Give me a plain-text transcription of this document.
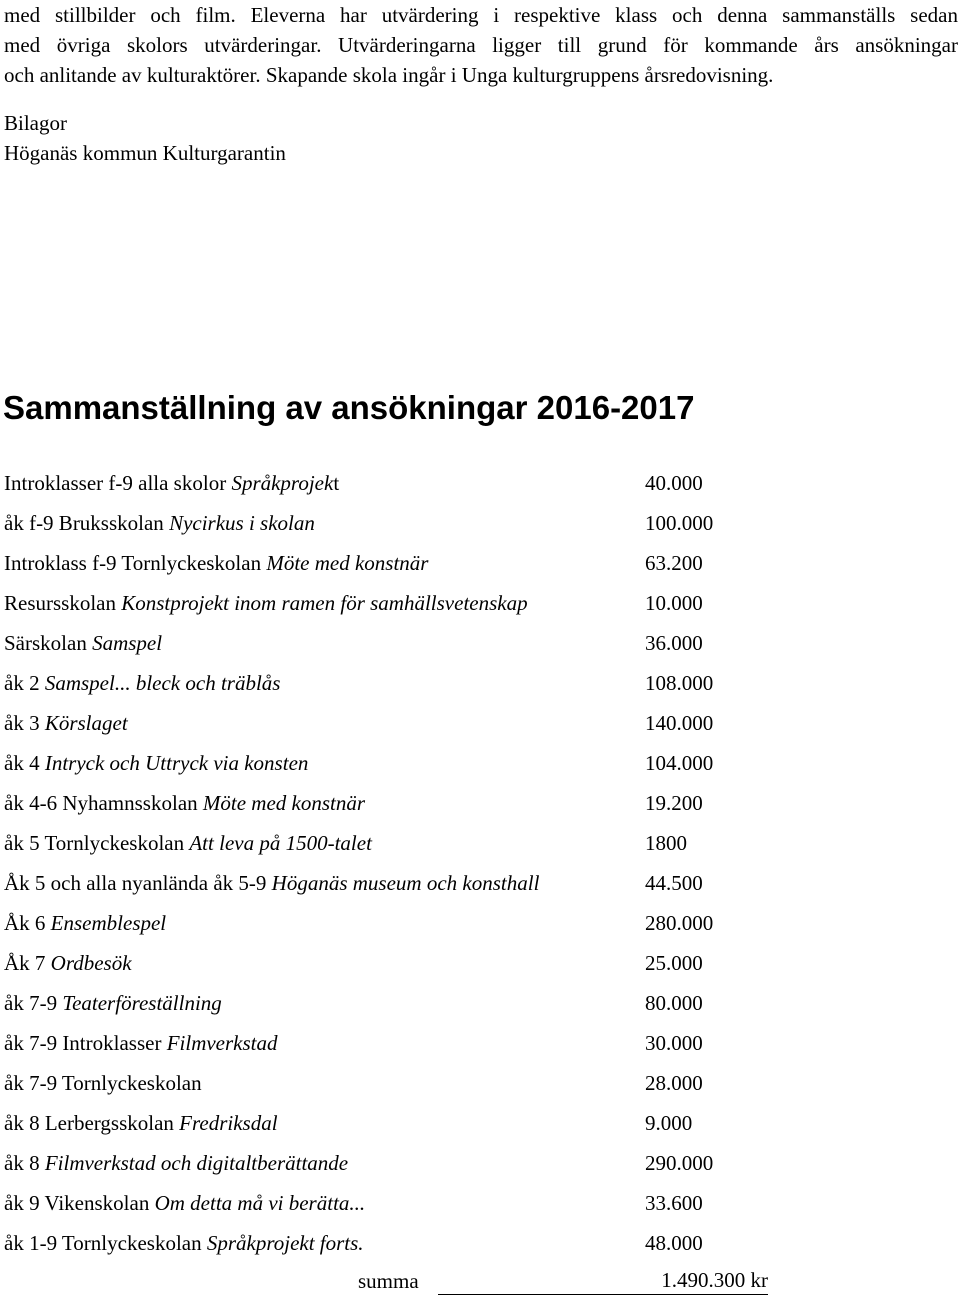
med stillbilder och film. Eleverna har utvärdering i respektive klass och denna sammanställs sedan
med övriga skolors utvärderingar. Utvärderingarna ligger till grund för kommande års ansökningar
och anlitande av kulturaktörer. Skapande skola ingår i Unga kulturgruppens årsredovisning.
Bilagor
Höganäs kommun Kulturgarantin
Sammanställning av ansökningar 2016-2017
Introklasser f-9 alla skolor Språkprojekt	40.000
åk f-9 Bruksskolan Nycirkus i skolan	100.000
Introklass f-9 Tornlyckeskolan Möte med konstnär	63.200
Resursskolan Konstprojekt inom ramen för samhällsvetenskap	10.000
Särskolan Samspel	36.000
åk 2 Samspel... bleck och träblås	108.000
åk 3 Körslaget	140.000
åk 4 Intryck och Uttryck via konsten	104.000
åk 4-6 Nyhamnsskolan Möte med konstnär	19.200
åk 5 Tornlyckeskolan Att leva på 1500-talet	1800
Åk 5 och alla nyanlända åk 5-9 Höganäs museum och konsthall	44.500
Åk 6 Ensemblespel	280.000
Åk 7 Ordbesök	25.000
åk 7-9 Teaterföreställning	80.000
åk 7-9 Introklasser Filmverkstad	30.000
åk 7-9 Tornlyckeskolan	28.000
åk 8 Lerbergsskolan Fredriksdal	9.000
åk 8 Filmverkstad och digitaltberättande	290.000
åk 9 Vikenskolan Om detta må vi berätta...	33.600
åk 1-9 Tornlyckeskolan Språkprojekt forts.	48.000
summa	1.490.300 kr
